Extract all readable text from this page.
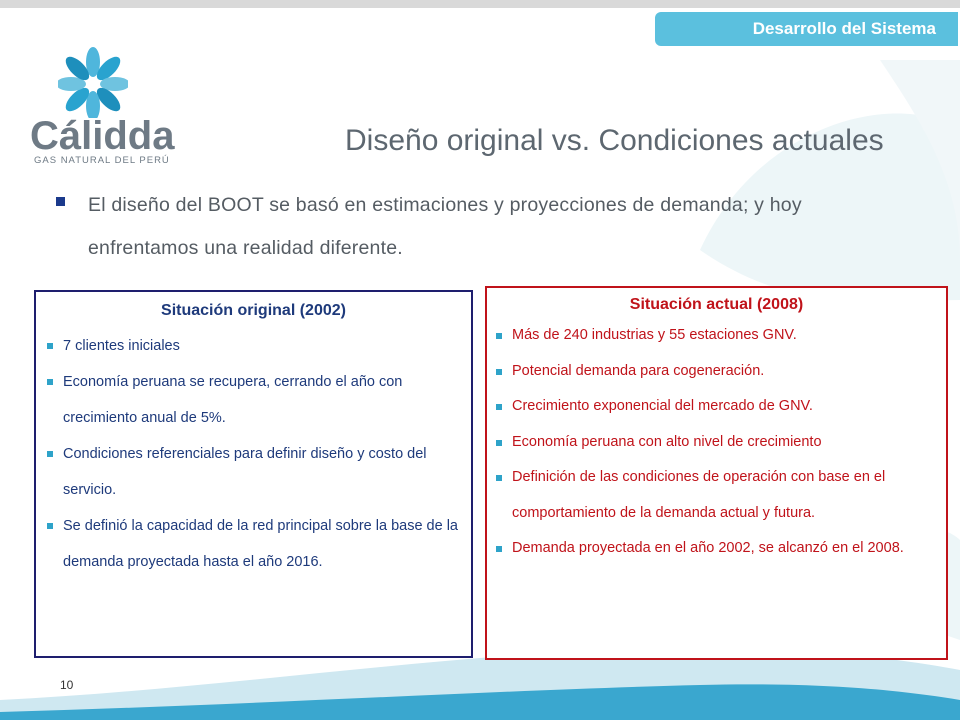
Desarrollo del Sistema
Cálidda
GAS NATURAL DEL PERÚ
Diseño original vs. Condiciones actuales
El diseño del BOOT se basó en estimaciones y proyecciones de demanda; y hoy enfrentamos una realidad diferente.
Situación original (2002)
7 clientes iniciales
Economía peruana se recupera, cerrando el año con crecimiento anual de 5%.
Condiciones referenciales para definir diseño y costo del servicio.
Se definió la capacidad de la red principal sobre la base de la demanda proyectada hasta el año 2016.
Situación actual (2008)
Más de 240 industrias y 55 estaciones GNV.
Potencial demanda para cogeneración.
Crecimiento exponencial del mercado de GNV.
Economía peruana con alto nivel de crecimiento
Definición de las condiciones de operación con base en el comportamiento de la demanda actual y futura.
Demanda proyectada en el año 2002, se alcanzó en el 2008.
10
